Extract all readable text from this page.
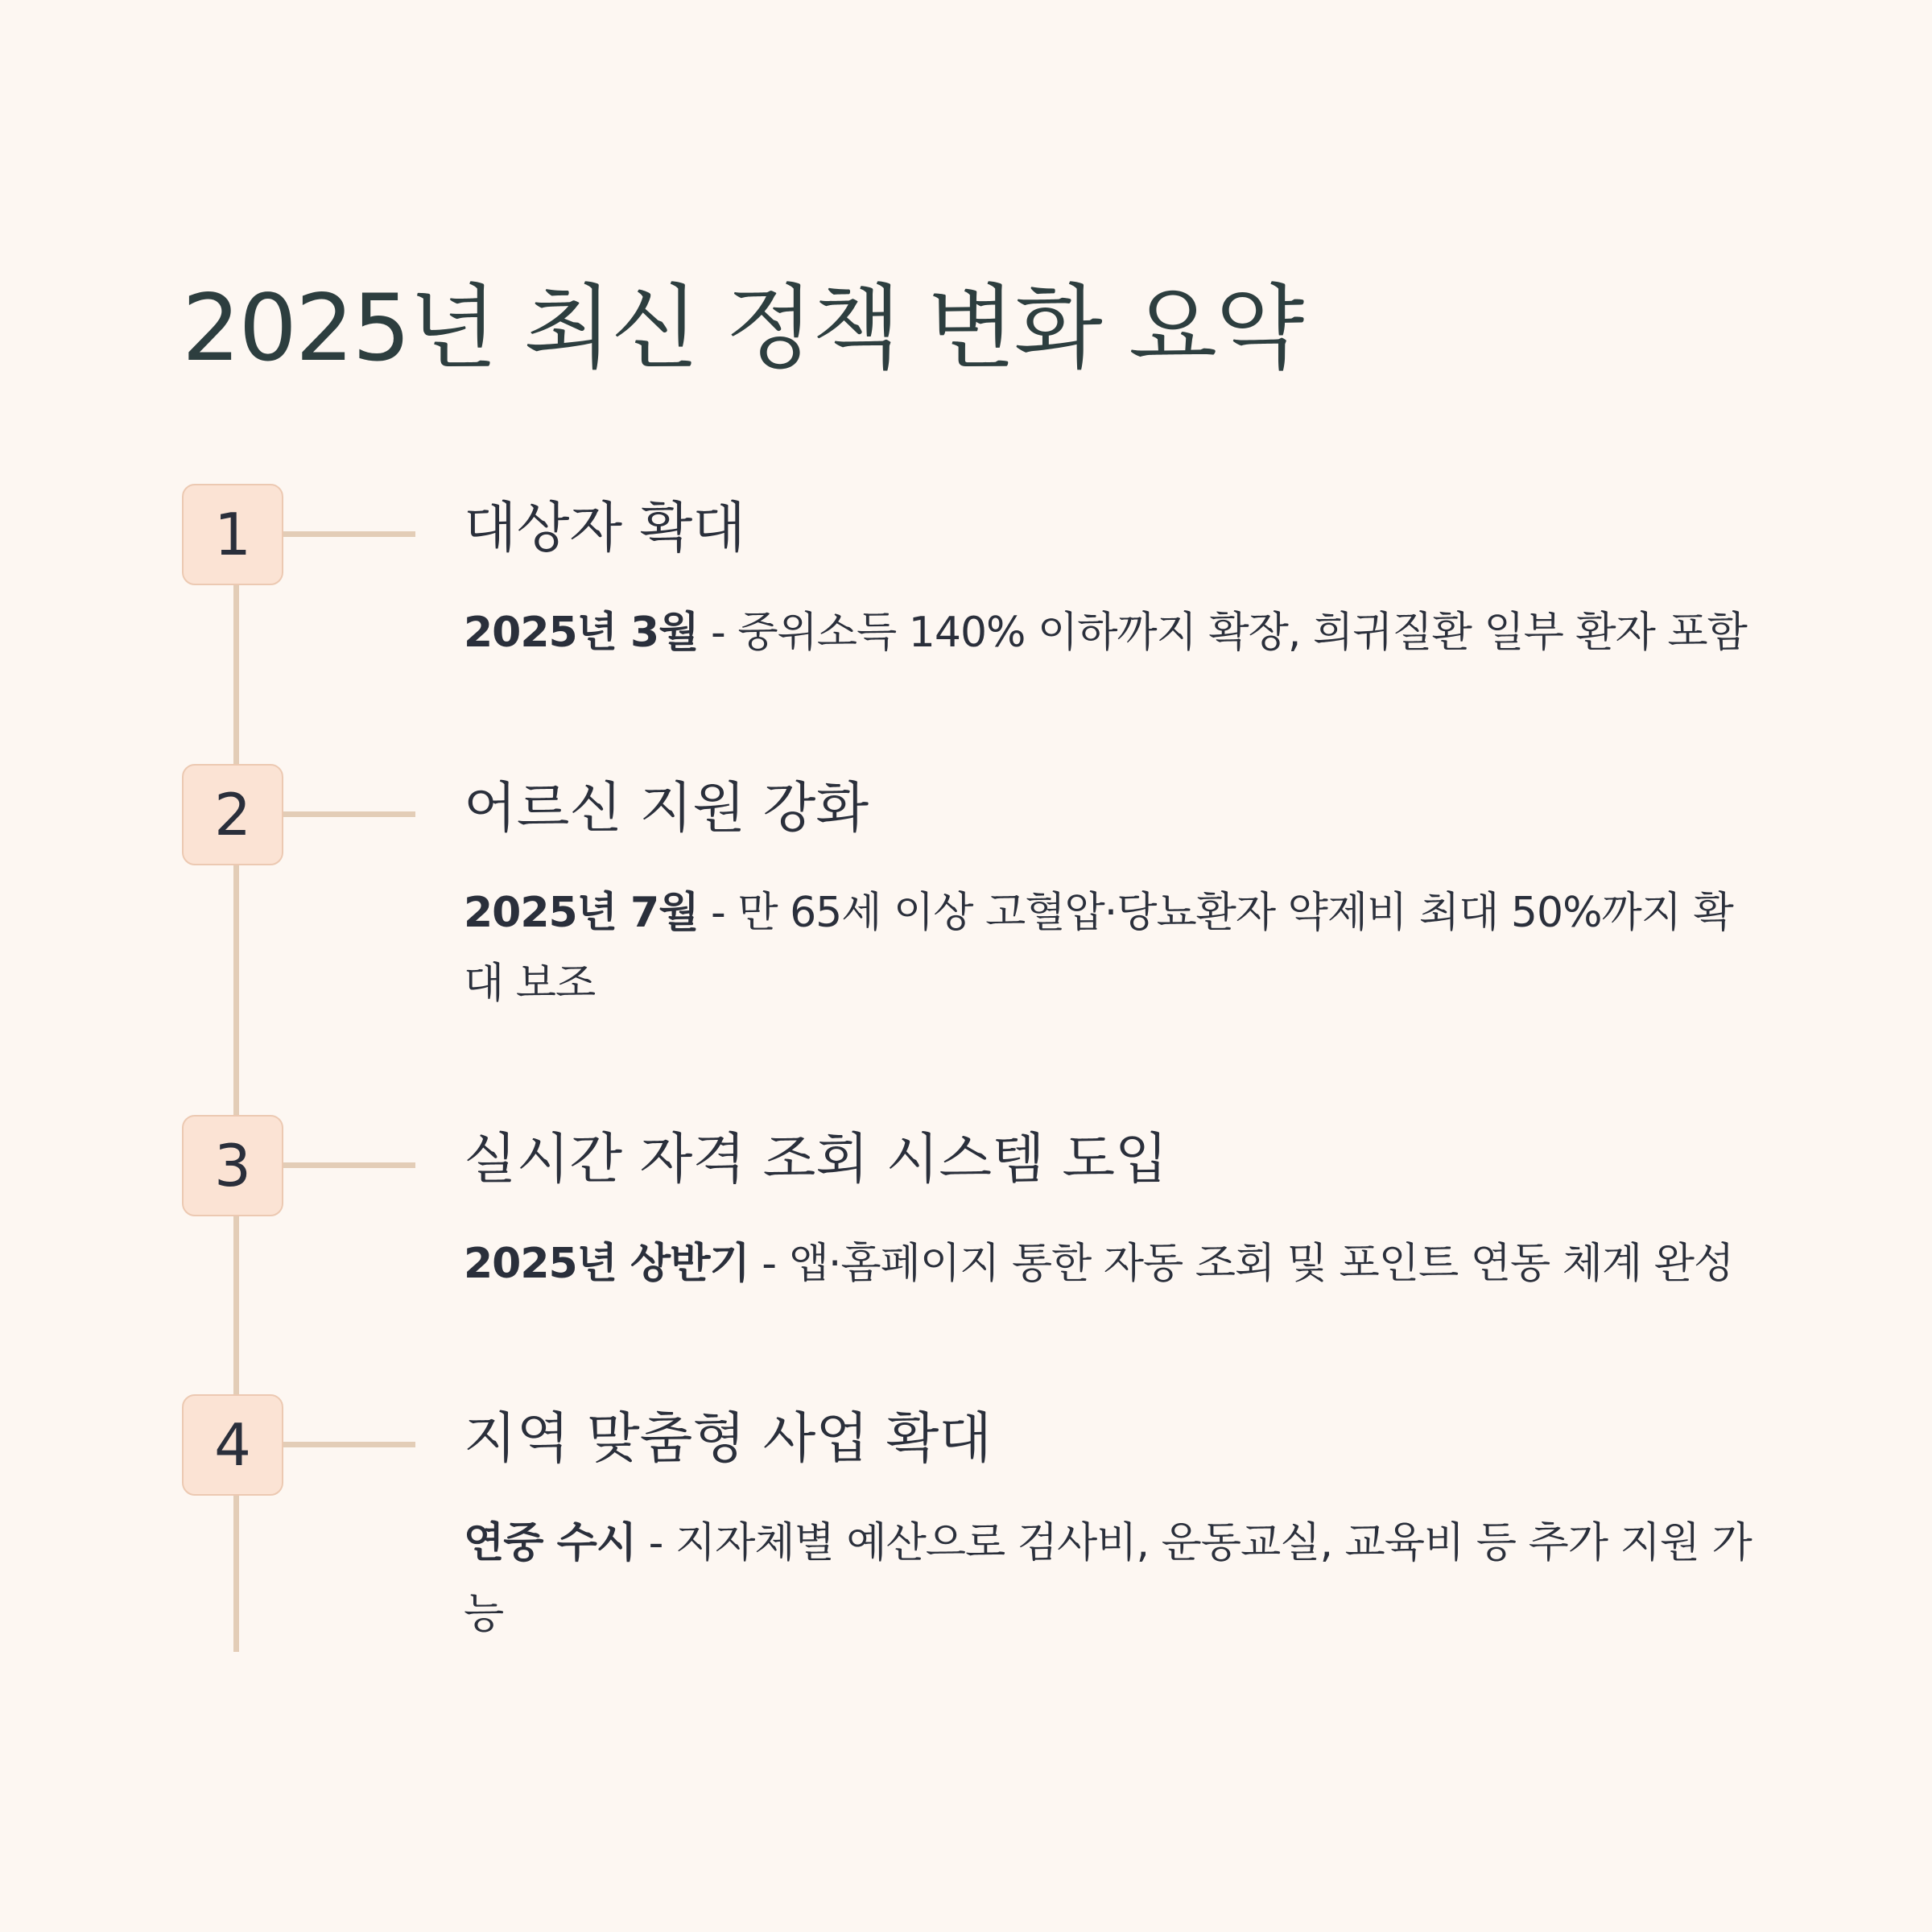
2025년 최신 정책 변화 요약
1	대상자 확대

2025년 3월 - 중위소득 140% 이하까지 확장, 희귀질환 일부 환자 포함

2	어르신 지원 강화

2025년 7월 - 만 65세 이상 고혈압·당뇨환자 약제비 최대 50%까지 확대 보조

3	실시간 자격 조회 시스템 도입

2025년 상반기 - 앱·홈페이지 통한 자동 조회 및 포인트 연동 체계 완성

4	지역 맞춤형 사업 확대

연중 수시 - 지자체별 예산으로 검사비, 운동교실, 교육비 등 추가 지원 가능
